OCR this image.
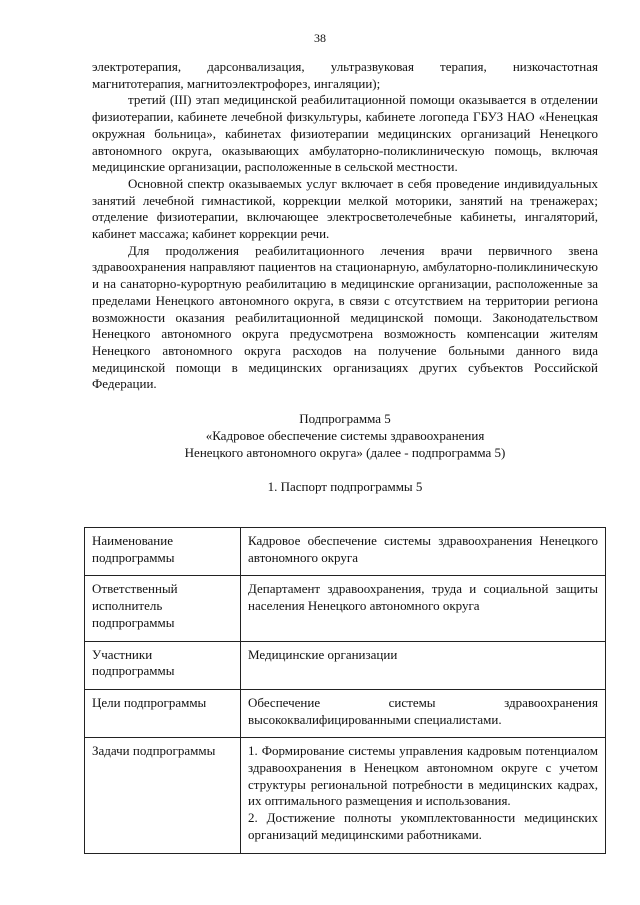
38

электротерапия, дарсонвализация, ультразвуковая терапия, низкочастотная магнитотерапия, магнитоэлектрофорез, ингаляции);

третий (III) этап медицинской реабилитационной помощи оказывается в отделении физиотерапии, кабинете лечебной физкультуры, кабинете логопеда ГБУЗ НАО «Ненецкая окружная больница», кабинетах физиотерапии медицинских организаций Ненецкого автономного округа, оказывающих амбулаторно-поликлиническую помощь, включая медицинские организации, расположенные в сельской местности.

Основной спектр оказываемых услуг включает в себя проведение индивидуальных занятий лечебной гимнастикой, коррекции мелкой моторики, занятий на тренажерах; отделение физиотерапии, включающее электросветолечебные кабинеты, ингаляторий, кабинет массажа; кабинет коррекции речи.

Для продолжения реабилитационного лечения врачи первичного звена здравоохранения направляют пациентов на стационарную, амбулаторно-поликлиническую и на санаторно-курортную реабилитацию в медицинские организации, расположенные за пределами Ненецкого автономного округа, в связи с отсутствием на территории региона возможности оказания реабилитационной медицинской помощи. Законодательством Ненецкого автономного округа предусмотрена возможность компенсации жителям Ненецкого автономного округа расходов на получение больными данного вида медицинской помощи в медицинских организациях других субъектов Российской Федерации.

Подпрограмма 5
«Кадровое обеспечение системы здравоохранения
Ненецкого автономного округа» (далее - подпрограмма 5)
1. Паспорт подпрограммы 5
Наименование подпрограммы	Кадровое обеспечение системы здравоохранения Ненецкого автономного округа

Ответственный исполнитель подпрограммы	Департамент здравоохранения, труда и социальной защиты населения Ненецкого автономного округа

Участники подпрограммы	Медицинские организации

Цели подпрограммы	Обеспечение системы здравоохранения высококвалифицированными специалистами.

Задачи подпрограммы	1. Формирование системы управления кадровым потенциалом здравоохранения в Ненецком автономном округе с учетом структуры региональной потребности в медицинских кадрах, их оптимального размещения и использования.
2. Достижение полноты укомплектованности медицинских организаций медицинскими работниками.
